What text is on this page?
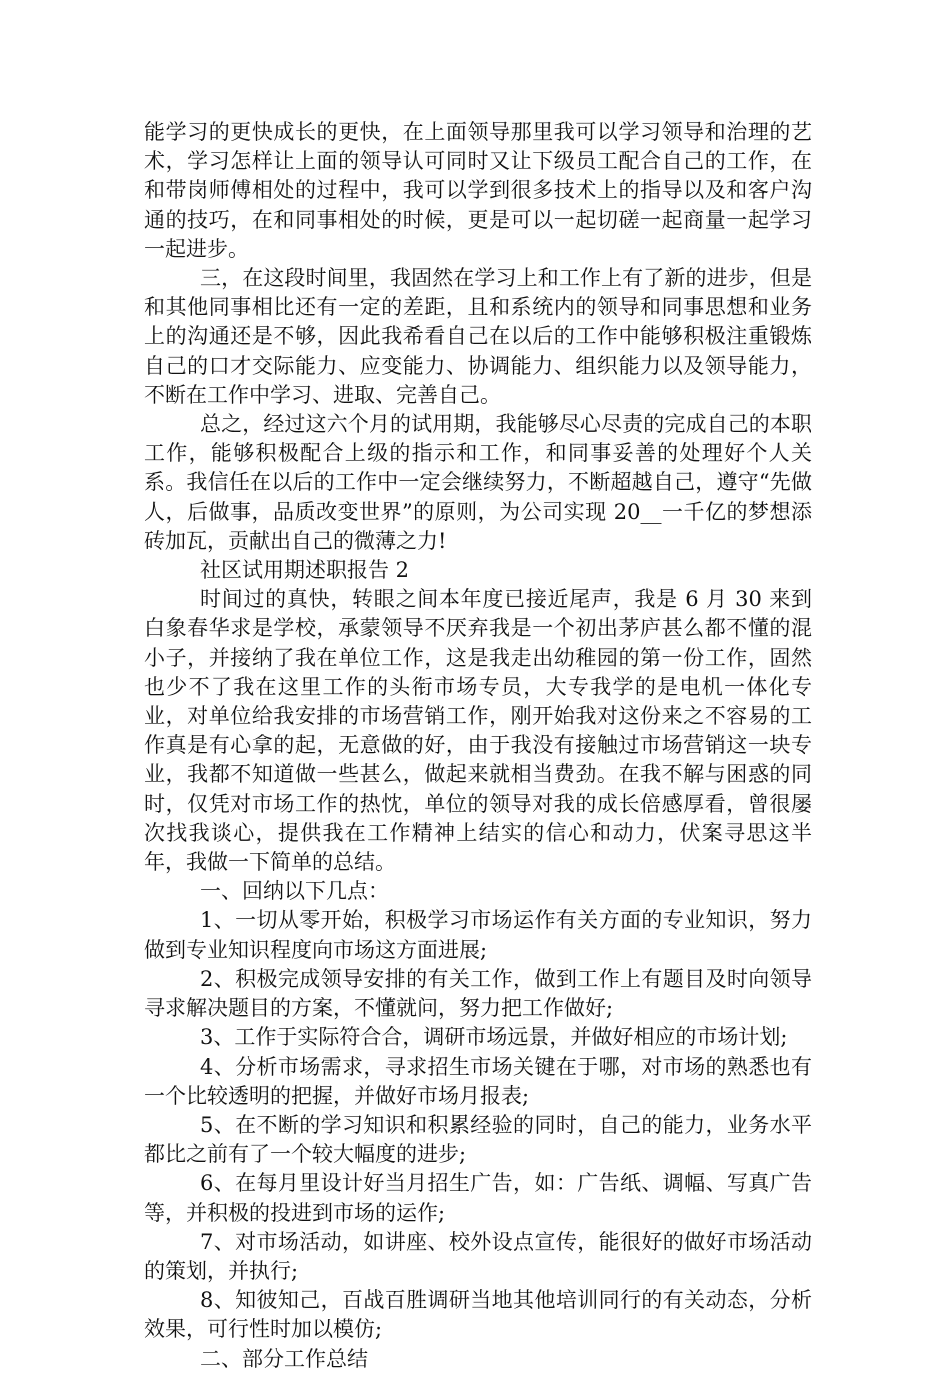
能学习的更快成长的更快，在上面领导那里我可以学习领导和治理的艺术，学习怎样让上面的领导认可同时又让下级员工配合自己的工作，在和带岗师傅相处的过程中，我可以学到很多技术上的指导以及和客户沟通的技巧，在和同事相处的时候，更是可以一起切磋一起商量一起学习一起进步。

三，在这段时间里，我固然在学习上和工作上有了新的进步，但是和其他同事相比还有一定的差距，且和系统内的领导和同事思想和业务上的沟通还是不够，因此我希看自己在以后的工作中能够积极注重锻炼自己的口才交际能力、应变能力、协调能力、组织能力以及领导能力，不断在工作中学习、进取、完善自己。

总之，经过这六个月的试用期，我能够尽心尽责的完成自己的本职工作，能够积极配合上级的指示和工作，和同事妥善的处理好个人关系。我信任在以后的工作中一定会继续努力，不断超越自己，遵守“先做人，后做事，品质改变世界”的原则，为公司实现 20__一千亿的梦想添砖加瓦，贡献出自己的微薄之力!

社区试用期述职报告 2

时间过的真快，转眼之间本年度已接近尾声，我是 6 月 30 来到白象春华求是学校，承蒙领导不厌弃我是一个初出茅庐甚么都不懂的混小子，并接纳了我在单位工作，这是我走出幼稚园的第一份工作，固然也少不了我在这里工作的头衔市场专员，大专我学的是电机一体化专业，对单位给我安排的市场营销工作，刚开始我对这份来之不容易的工作真是有心拿的起，无意做的好，由于我没有接触过市场营销这一块专业，我都不知道做一些甚么，做起来就相当费劲。在我不解与困惑的同时，仅凭对市场工作的热忱，单位的领导对我的成长倍感厚看，曾很屡次找我谈心，提供我在工作精神上结实的信心和动力，伏案寻思这半年，我做一下简单的总结。

一、回纳以下几点：

1、一切从零开始，积极学习市场运作有关方面的专业知识，努力做到专业知识程度向市场这方面进展;

2、积极完成领导安排的有关工作，做到工作上有题目及时向领导寻求解决题目的方案，不懂就问，努力把工作做好;

3、工作于实际符合合，调研市场远景，并做好相应的市场计划;

4、分析市场需求，寻求招生市场关键在于哪，对市场的熟悉也有一个比较透明的把握，并做好市场月报表;

5、在不断的学习知识和积累经验的同时，自己的能力，业务水平都比之前有了一个较大幅度的进步;

6、在每月里设计好当月招生广告，如：广告纸、调幅、写真广告等，并积极的投进到市场的运作;

7、对市场活动，如讲座、校外设点宣传，能很好的做好市场活动的策划，并执行;

8、知彼知己，百战百胜调研当地其他培训同行的有关动态，分析效果，可行性时加以模仿;

二、部分工作总结
